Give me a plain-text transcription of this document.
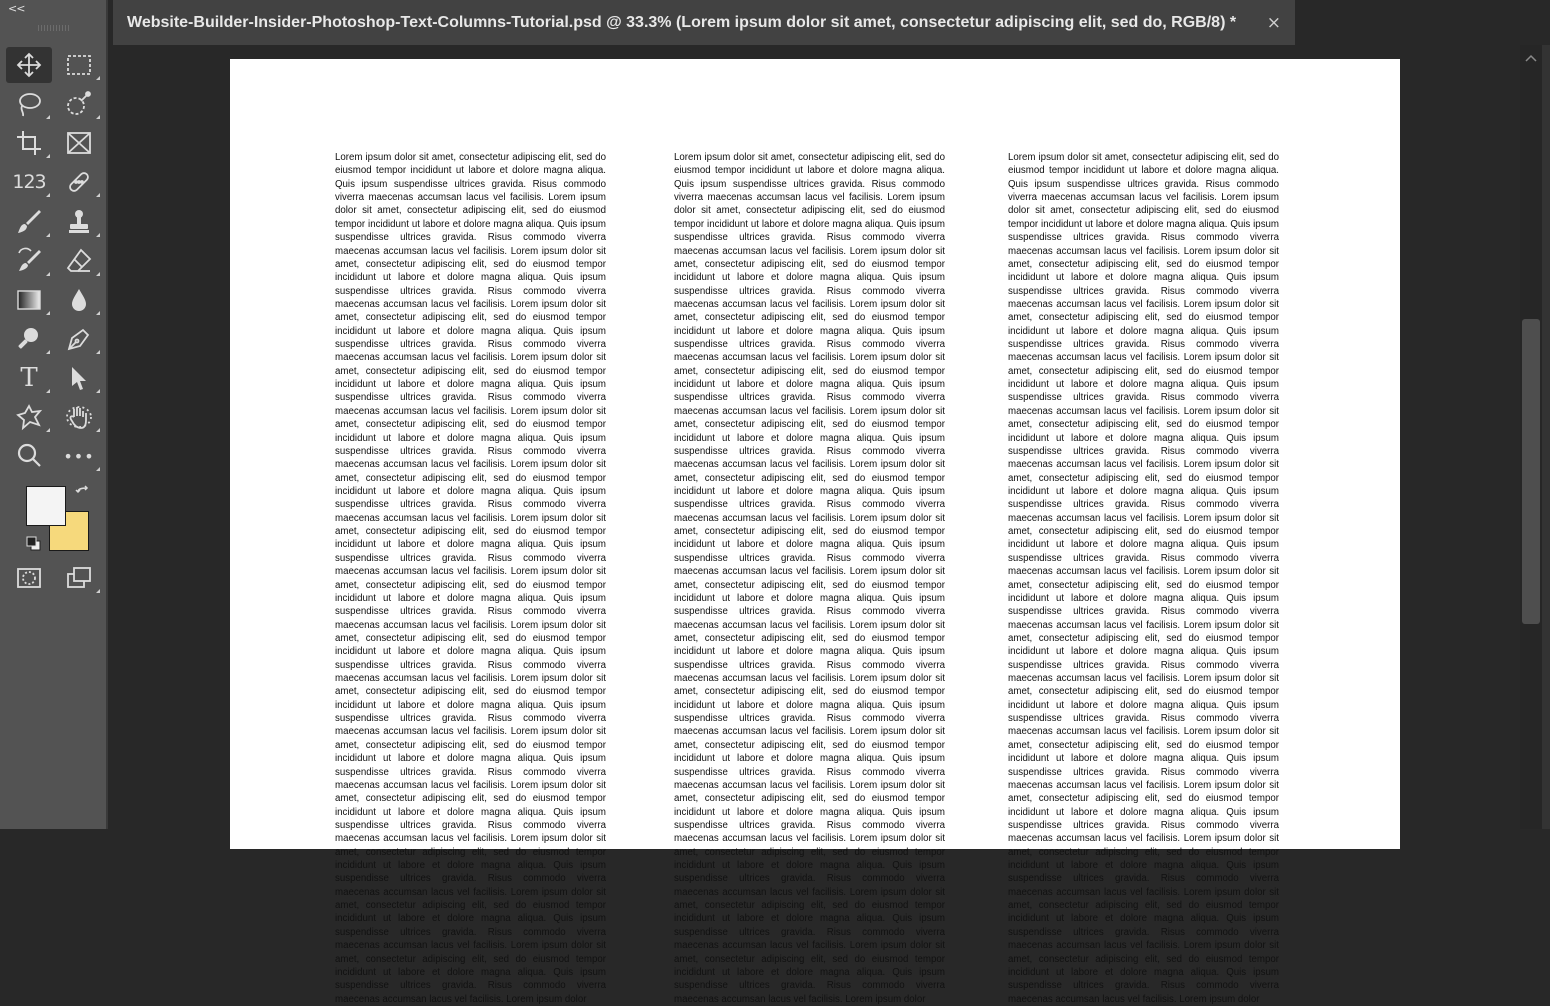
<<
123
T
•••
Website-Builder-Insider-Photoshop-Text-Columns-Tutorial.psd @ 33.3% (Lorem ipsum dolor sit amet, consectetur adipiscing elit, sed do, RGB/8) * ×

Lorem ipsum dolor sit amet, consectetur adipiscing elit, sed do eiusmod tempor incididunt ut labore et dolore magna aliqua. Quis ipsum suspendisse ultrices gravida. Risus commodo viverra maecenas accumsan lacus vel facilisis. Lorem ipsum dolor sit amet, consectetur adipiscing elit, sed do eiusmod tempor incididunt ut labore et dolore magna aliqua. Quis ipsum suspendisse ultrices gravida. Risus commodo viverra maecenas accumsan lacus vel facilisis. Lorem ipsum dolor sit amet, consectetur adipiscing elit, sed do eiusmod tempor incididunt ut labore et dolore magna aliqua. Quis ipsum suspendisse ultrices gravida. Risus commodo viverra maecenas accumsan lacus vel facilisis. Lorem ipsum dolor sit amet, consectetur adipiscing elit, sed do eiusmod tempor incididunt ut labore et dolore magna aliqua. Quis ipsum suspendisse ultrices gravida. Risus commodo viverra maecenas accumsan lacus vel facilisis. Lorem ipsum dolor sit amet, consectetur adipiscing elit, sed do eiusmod tempor incididunt ut labore et dolore magna aliqua. Quis ipsum suspendisse ultrices gravida. Risus commodo viverra maecenas accumsan lacus vel facilisis. Lorem ipsum dolor sit amet, consectetur adipiscing elit, sed do eiusmod tempor incididunt ut labore et dolore magna aliqua. Quis ipsum suspendisse ultrices gravida. Risus commodo viverra maecenas accumsan lacus vel facilisis. Lorem ipsum dolor sit amet, consectetur adipiscing elit, sed do eiusmod tempor incididunt ut labore et dolore magna aliqua. Quis ipsum suspendisse ultrices gravida. Risus commodo viverra maecenas accumsan lacus vel facilisis. Lorem ipsum dolor sit amet, consectetur adipiscing elit, sed do eiusmod tempor incididunt ut labore et dolore magna aliqua. Quis ipsum suspendisse ultrices gravida. Risus commodo viverra maecenas accumsan lacus vel facilisis. Lorem ipsum dolor sit amet, consectetur adipiscing elit, sed do eiusmod tempor incididunt ut labore et dolore magna aliqua. Quis ipsum suspendisse ultrices gravida. Risus commodo viverra maecenas accumsan lacus vel facilisis. Lorem ipsum dolor sit amet, consectetur adipiscing elit, sed do eiusmod tempor incididunt ut labore et dolore magna aliqua. Quis ipsum suspendisse ultrices gravida. Risus commodo viverra maecenas accumsan lacus vel facilisis. Lorem ipsum dolor sit amet, consectetur adipiscing elit, sed do eiusmod tempor incididunt ut labore et dolore magna aliqua. Quis ipsum suspendisse ultrices gravida. Risus commodo viverra maecenas accumsan lacus vel facilisis. Lorem ipsum dolor sit amet, consectetur adipiscing elit, sed do eiusmod tempor incididunt ut labore et dolore magna aliqua. Quis ipsum suspendisse ultrices gravida. Risus commodo viverra maecenas accumsan lacus vel facilisis. Lorem ipsum dolor sit amet, consectetur adipiscing elit, sed do eiusmod tempor incididunt ut labore et dolore magna aliqua. Quis ipsum suspendisse ultrices gravida. Risus commodo viverra maecenas accumsan lacus vel facilisis. Lorem ipsum dolor sit amet, consectetur adipiscing elit, sed do eiusmod tempor incididunt ut labore et dolore magna aliqua. Quis ipsum suspendisse ultrices gravida. Risus commodo viverra maecenas accumsan lacus vel facilisis. Lorem ipsum dolor sit amet, consectetur adipiscing elit, sed do eiusmod tempor incididunt ut labore et dolore magna aliqua. Quis ipsum suspendisse ultrices gravida. Risus commodo viverra maecenas accumsan lacus vel facilisis. Lorem ipsum dolor sit amet, consectetur adipiscing elit, sed do eiusmod tempor incididunt ut labore et dolore magna aliqua. Quis ipsum suspendisse ultrices gravida. Risus commodo viverra maecenas accumsan lacus vel facilisis. Lorem ipsum dolor

Lorem ipsum dolor sit amet, consectetur adipiscing elit, sed do eiusmod tempor incididunt ut labore et dolore magna aliqua. Quis ipsum suspendisse ultrices gravida. Risus commodo viverra maecenas accumsan lacus vel facilisis. Lorem ipsum dolor sit amet, consectetur adipiscing elit, sed do eiusmod tempor incididunt ut labore et dolore magna aliqua. Quis ipsum suspendisse ultrices gravida. Risus commodo viverra maecenas accumsan lacus vel facilisis. Lorem ipsum dolor sit amet, consectetur adipiscing elit, sed do eiusmod tempor incididunt ut labore et dolore magna aliqua. Quis ipsum suspendisse ultrices gravida. Risus commodo viverra maecenas accumsan lacus vel facilisis. Lorem ipsum dolor sit amet, consectetur adipiscing elit, sed do eiusmod tempor incididunt ut labore et dolore magna aliqua. Quis ipsum suspendisse ultrices gravida. Risus commodo viverra maecenas accumsan lacus vel facilisis. Lorem ipsum dolor sit amet, consectetur adipiscing elit, sed do eiusmod tempor incididunt ut labore et dolore magna aliqua. Quis ipsum suspendisse ultrices gravida. Risus commodo viverra maecenas accumsan lacus vel facilisis. Lorem ipsum dolor sit amet, consectetur adipiscing elit, sed do eiusmod tempor incididunt ut labore et dolore magna aliqua. Quis ipsum suspendisse ultrices gravida. Risus commodo viverra maecenas accumsan lacus vel facilisis. Lorem ipsum dolor sit amet, consectetur adipiscing elit, sed do eiusmod tempor incididunt ut labore et dolore magna aliqua. Quis ipsum suspendisse ultrices gravida. Risus commodo viverra maecenas accumsan lacus vel facilisis. Lorem ipsum dolor sit amet, consectetur adipiscing elit, sed do eiusmod tempor incididunt ut labore et dolore magna aliqua. Quis ipsum suspendisse ultrices gravida. Risus commodo viverra maecenas accumsan lacus vel facilisis. Lorem ipsum dolor sit amet, consectetur adipiscing elit, sed do eiusmod tempor incididunt ut labore et dolore magna aliqua. Quis ipsum suspendisse ultrices gravida. Risus commodo viverra maecenas accumsan lacus vel facilisis. Lorem ipsum dolor sit amet, consectetur adipiscing elit, sed do eiusmod tempor incididunt ut labore et dolore magna aliqua. Quis ipsum suspendisse ultrices gravida. Risus commodo viverra maecenas accumsan lacus vel facilisis. Lorem ipsum dolor sit amet, consectetur adipiscing elit, sed do eiusmod tempor incididunt ut labore et dolore magna aliqua. Quis ipsum suspendisse ultrices gravida. Risus commodo viverra maecenas accumsan lacus vel facilisis. Lorem ipsum dolor sit amet, consectetur adipiscing elit, sed do eiusmod tempor incididunt ut labore et dolore magna aliqua. Quis ipsum suspendisse ultrices gravida. Risus commodo viverra maecenas accumsan lacus vel facilisis. Lorem ipsum dolor sit amet, consectetur adipiscing elit, sed do eiusmod tempor incididunt ut labore et dolore magna aliqua. Quis ipsum suspendisse ultrices gravida. Risus commodo viverra maecenas accumsan lacus vel facilisis. Lorem ipsum dolor sit amet, consectetur adipiscing elit, sed do eiusmod tempor incididunt ut labore et dolore magna aliqua. Quis ipsum suspendisse ultrices gravida. Risus commodo viverra maecenas accumsan lacus vel facilisis. Lorem ipsum dolor sit amet, consectetur adipiscing elit, sed do eiusmod tempor incididunt ut labore et dolore magna aliqua. Quis ipsum suspendisse ultrices gravida. Risus commodo viverra maecenas accumsan lacus vel facilisis. Lorem ipsum dolor sit amet, consectetur adipiscing elit, sed do eiusmod tempor incididunt ut labore et dolore magna aliqua. Quis ipsum suspendisse ultrices gravida. Risus commodo viverra maecenas accumsan lacus vel facilisis. Lorem ipsum dolor

Lorem ipsum dolor sit amet, consectetur adipiscing elit, sed do eiusmod tempor incididunt ut labore et dolore magna aliqua. Quis ipsum suspendisse ultrices gravida. Risus commodo viverra maecenas accumsan lacus vel facilisis. Lorem ipsum dolor sit amet, consectetur adipiscing elit, sed do eiusmod tempor incididunt ut labore et dolore magna aliqua. Quis ipsum suspendisse ultrices gravida. Risus commodo viverra maecenas accumsan lacus vel facilisis. Lorem ipsum dolor sit amet, consectetur adipiscing elit, sed do eiusmod tempor incididunt ut labore et dolore magna aliqua. Quis ipsum suspendisse ultrices gravida. Risus commodo viverra maecenas accumsan lacus vel facilisis. Lorem ipsum dolor sit amet, consectetur adipiscing elit, sed do eiusmod tempor incididunt ut labore et dolore magna aliqua. Quis ipsum suspendisse ultrices gravida. Risus commodo viverra maecenas accumsan lacus vel facilisis. Lorem ipsum dolor sit amet, consectetur adipiscing elit, sed do eiusmod tempor incididunt ut labore et dolore magna aliqua. Quis ipsum suspendisse ultrices gravida. Risus commodo viverra maecenas accumsan lacus vel facilisis. Lorem ipsum dolor sit amet, consectetur adipiscing elit, sed do eiusmod tempor incididunt ut labore et dolore magna aliqua. Quis ipsum suspendisse ultrices gravida. Risus commodo viverra maecenas accumsan lacus vel facilisis. Lorem ipsum dolor sit amet, consectetur adipiscing elit, sed do eiusmod tempor incididunt ut labore et dolore magna aliqua. Quis ipsum suspendisse ultrices gravida. Risus commodo viverra maecenas accumsan lacus vel facilisis. Lorem ipsum dolor sit amet, consectetur adipiscing elit, sed do eiusmod tempor incididunt ut labore et dolore magna aliqua. Quis ipsum suspendisse ultrices gravida. Risus commodo viverra maecenas accumsan lacus vel facilisis. Lorem ipsum dolor sit amet, consectetur adipiscing elit, sed do eiusmod tempor incididunt ut labore et dolore magna aliqua. Quis ipsum suspendisse ultrices gravida. Risus commodo viverra maecenas accumsan lacus vel facilisis. Lorem ipsum dolor sit amet, consectetur adipiscing elit, sed do eiusmod tempor incididunt ut labore et dolore magna aliqua. Quis ipsum suspendisse ultrices gravida. Risus commodo viverra maecenas accumsan lacus vel facilisis. Lorem ipsum dolor sit amet, consectetur adipiscing elit, sed do eiusmod tempor incididunt ut labore et dolore magna aliqua. Quis ipsum suspendisse ultrices gravida. Risus commodo viverra maecenas accumsan lacus vel facilisis. Lorem ipsum dolor sit amet, consectetur adipiscing elit, sed do eiusmod tempor incididunt ut labore et dolore magna aliqua. Quis ipsum suspendisse ultrices gravida. Risus commodo viverra maecenas accumsan lacus vel facilisis. Lorem ipsum dolor sit amet, consectetur adipiscing elit, sed do eiusmod tempor incididunt ut labore et dolore magna aliqua. Quis ipsum suspendisse ultrices gravida. Risus commodo viverra maecenas accumsan lacus vel facilisis. Lorem ipsum dolor sit amet, consectetur adipiscing elit, sed do eiusmod tempor incididunt ut labore et dolore magna aliqua. Quis ipsum suspendisse ultrices gravida. Risus commodo viverra maecenas accumsan lacus vel facilisis. Lorem ipsum dolor sit amet, consectetur adipiscing elit, sed do eiusmod tempor incididunt ut labore et dolore magna aliqua. Quis ipsum suspendisse ultrices gravida. Risus commodo viverra maecenas accumsan lacus vel facilisis. Lorem ipsum dolor sit amet, consectetur adipiscing elit, sed do eiusmod tempor incididunt ut labore et dolore magna aliqua. Quis ipsum suspendisse ultrices gravida. Risus commodo viverra maecenas accumsan lacus vel facilisis. Lorem ipsum dolor
